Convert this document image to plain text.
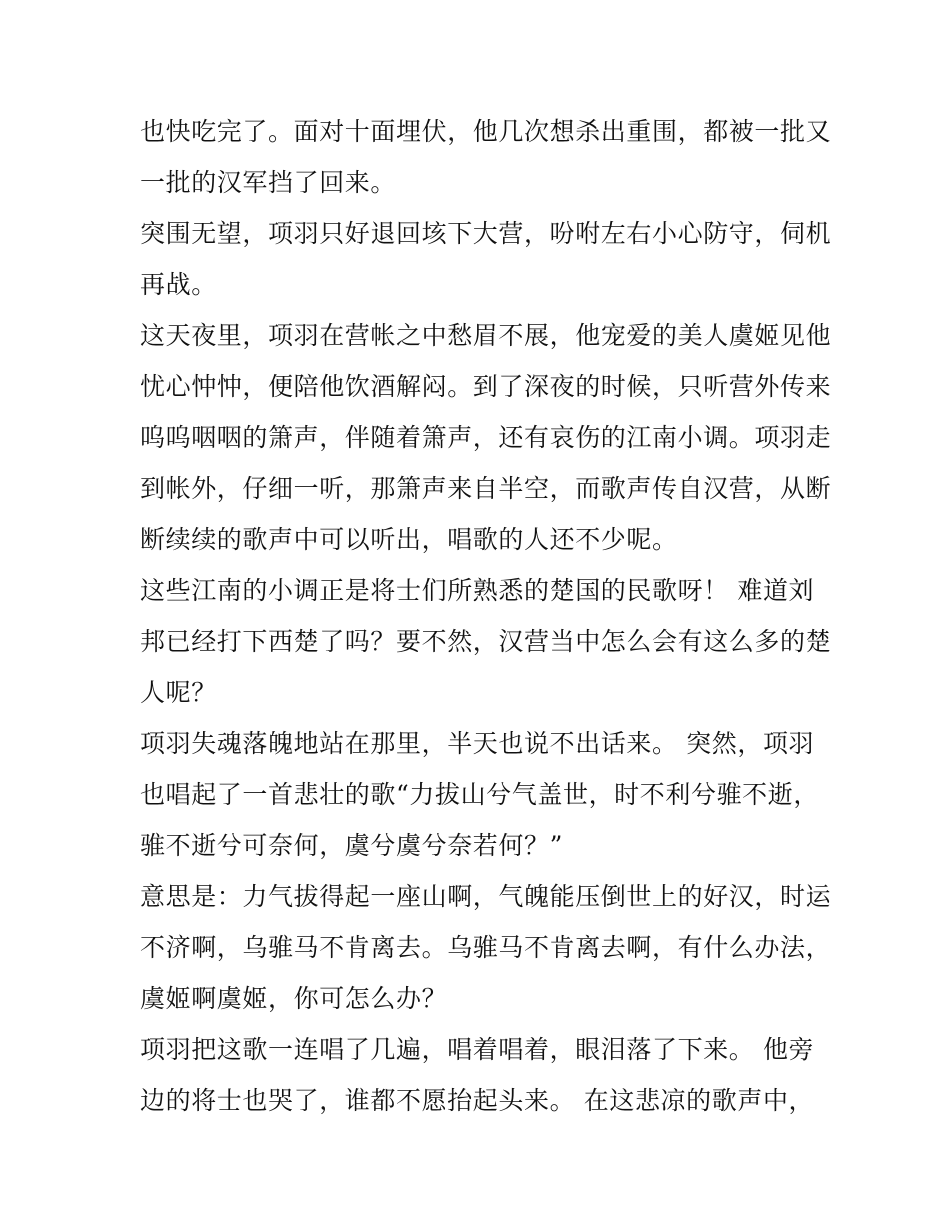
也快吃完了。面对十面埋伏，他几次想杀出重围，都被一批又
一批的汉军挡了回来。
突围无望，项羽只好退回垓下大营，吩咐左右小心防守，伺机
再战。
这天夜里，项羽在营帐之中愁眉不展，他宠爱的美人虞姬见他
忧心忡忡，便陪他饮酒解闷。到了深夜的时候，只听营外传来
呜呜咽咽的箫声，伴随着箫声，还有哀伤的江南小调。项羽走
到帐外，仔细一听，那箫声来自半空，而歌声传自汉营，从断
断续续的歌声中可以听出，唱歌的人还不少呢。
这些江南的小调正是将士们所熟悉的楚国的民歌呀！ 难道刘
邦已经打下西楚了吗？要不然，汉营当中怎么会有这么多的楚
人呢？
项羽失魂落魄地站在那里，半天也说不出话来。 突然，项羽
也唱起了一首悲壮的歌“力拔山兮气盖世，时不利兮骓不逝，
骓不逝兮可奈何，虞兮虞兮奈若何？”
意思是：力气拔得起一座山啊，气魄能压倒世上的好汉，时运
不济啊，乌骓马不肯离去。乌骓马不肯离去啊，有什么办法，
虞姬啊虞姬，你可怎么办？
项羽把这歌一连唱了几遍，唱着唱着，眼泪落了下来。 他旁
边的将士也哭了，谁都不愿抬起头来。 在这悲凉的歌声中，
